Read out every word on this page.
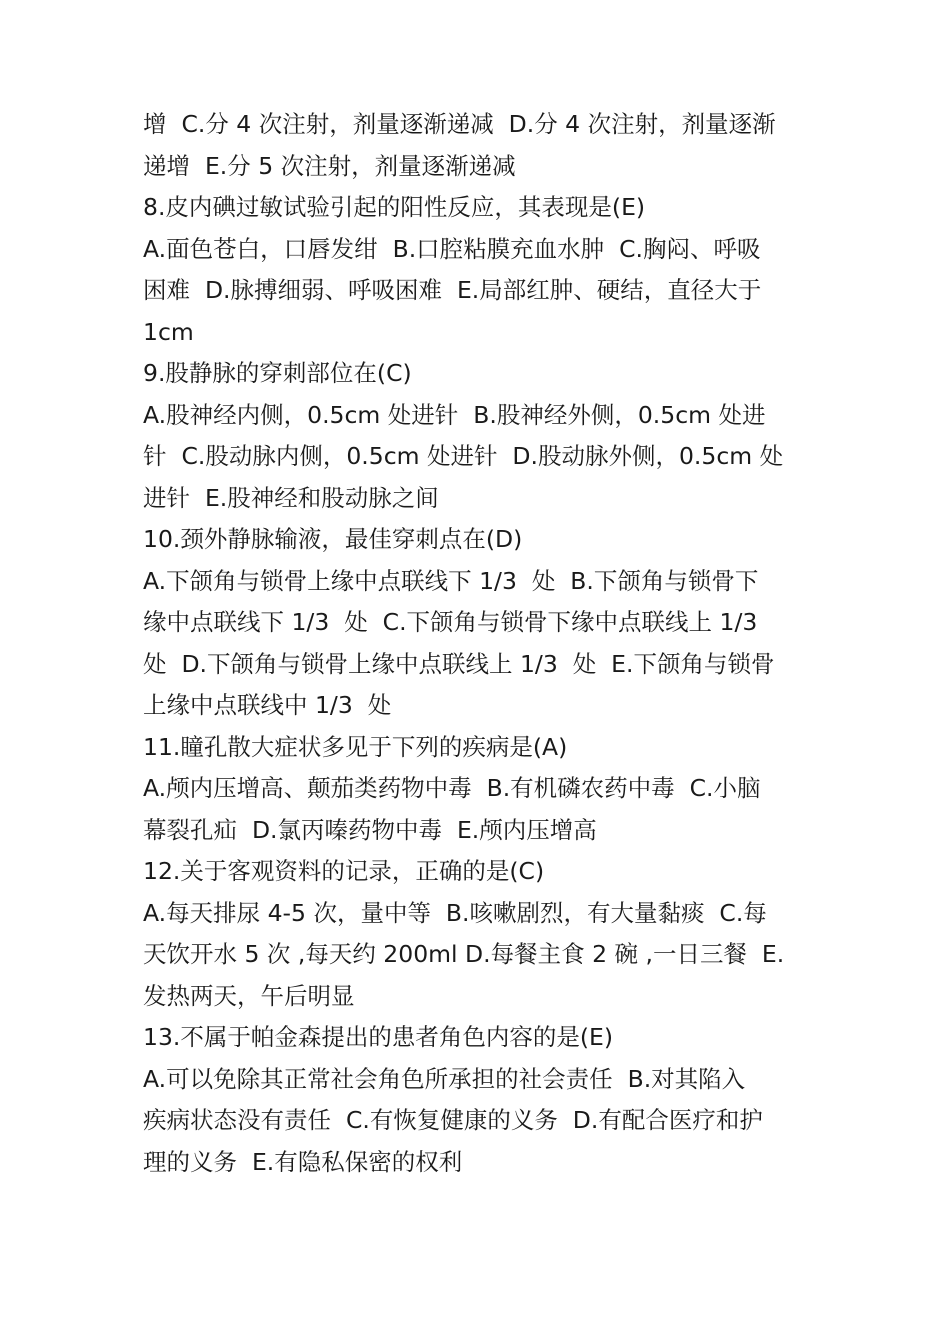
增  C.分 4 次注射，剂量逐渐递减  D.分 4 次注射，剂量逐渐
递增  E.分 5 次注射，剂量逐渐递减
8.皮内碘过敏试验引起的阳性反应，其表现是(E)
A.面色苍白，口唇发绀  B.口腔粘膜充血水肿  C.胸闷、呼吸
困难  D.脉搏细弱、呼吸困难  E.局部红肿、硬结，直径大于
1cm
9.股静脉的穿刺部位在(C)
A.股神经内侧，0.5cm 处进针  B.股神经外侧，0.5cm 处进
针  C.股动脉内侧，0.5cm 处进针  D.股动脉外侧，0.5cm 处
进针  E.股神经和股动脉之间
10.颈外静脉输液，最佳穿刺点在(D)
A.下颌角与锁骨上缘中点联线下 1/3  处  B.下颌角与锁骨下
缘中点联线下 1/3  处  C.下颌角与锁骨下缘中点联线上 1/3
处  D.下颌角与锁骨上缘中点联线上 1/3  处  E.下颌角与锁骨
上缘中点联线中 1/3  处
11.瞳孔散大症状多见于下列的疾病是(A)
A.颅内压增高、颠茄类药物中毒  B.有机磷农药中毒  C.小脑
幕裂孔疝  D.氯丙嗪药物中毒  E.颅内压增高
12.关于客观资料的记录，正确的是(C)
A.每天排尿 4-5 次，量中等  B.咳嗽剧烈，有大量黏痰  C.每
天饮开水 5 次 ,每天约 200ml D.每餐主食 2 碗 ,一日三餐  E.
发热两天，午后明显
13.不属于帕金森提出的患者角色内容的是(E)
A.可以免除其正常社会角色所承担的社会责任  B.对其陷入
疾病状态没有责任  C.有恢复健康的义务  D.有配合医疗和护
理的义务  E.有隐私保密的权利
